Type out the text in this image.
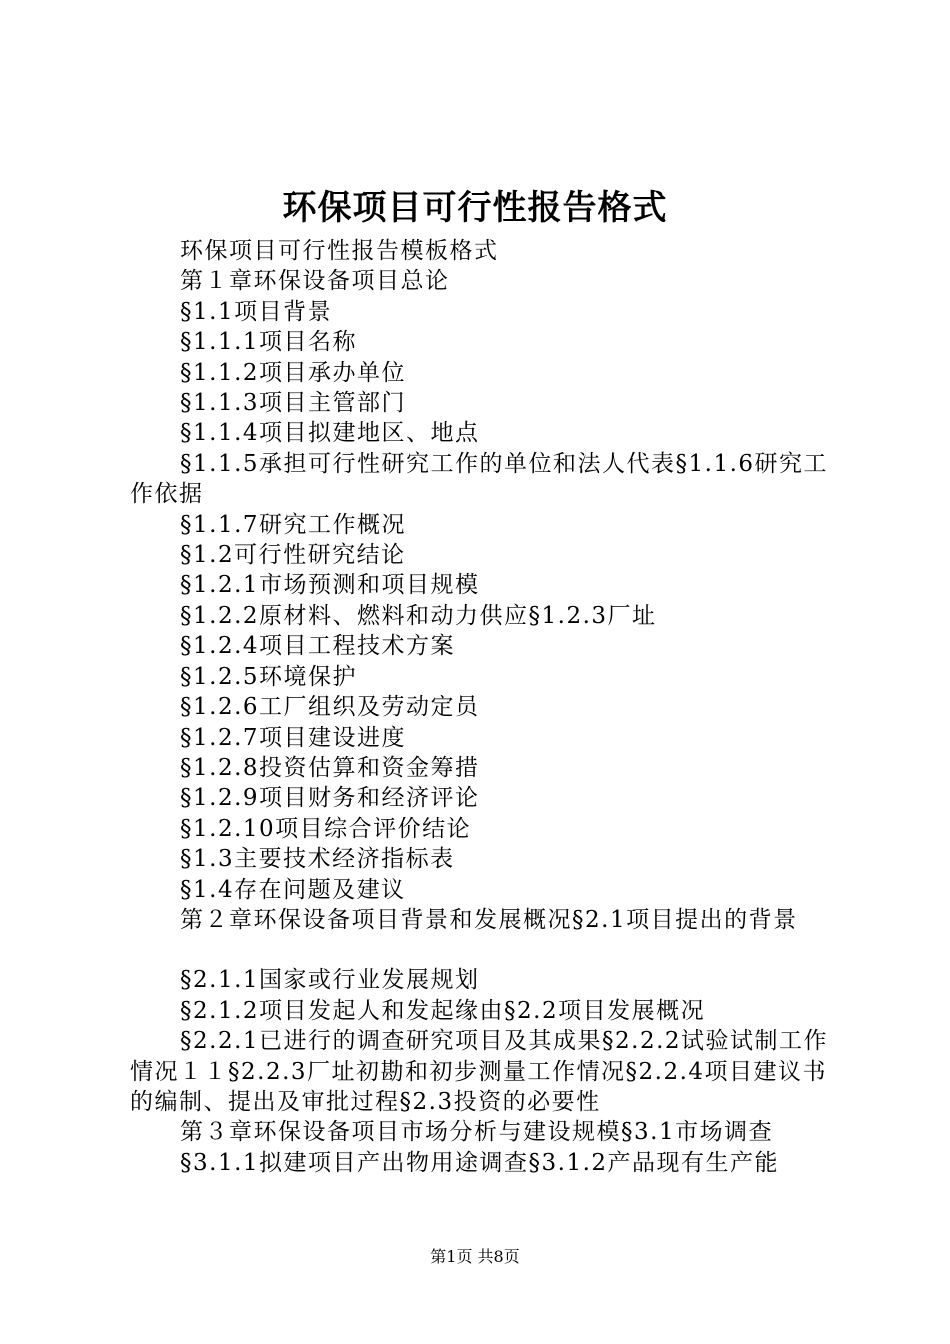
环保项目可行性报告格式

环保项目可行性报告模板格式

第１章环保设备项目总论

§1.1项目背景

§1.1.1项目名称

§1.1.2项目承办单位

§1.1.3项目主管部门

§1.1.4项目拟建地区、地点

§1.1.5承担可行性研究工作的单位和法人代表§1.1.6研究工作依据

§1.1.7研究工作概况

§1.2可行性研究结论

§1.2.1市场预测和项目规模

§1.2.2原材料、燃料和动力供应§1.2.3厂址

§1.2.4项目工程技术方案

§1.2.5环境保护

§1.2.6工厂组织及劳动定员

§1.2.7项目建设进度

§1.2.8投资估算和资金筹措

§1.2.9项目财务和经济评论

§1.2.10项目综合评价结论

§1.3主要技术经济指标表

§1.4存在问题及建议

第２章环保设备项目背景和发展概况§2.1项目提出的背景

§2.1.1国家或行业发展规划

§2.1.2项目发起人和发起缘由§2.2项目发展概况

§2.2.1已进行的调查研究项目及其成果§2.2.2试验试制工作情况１１§2.2.3厂址初勘和初步测量工作情况§2.2.4项目建议书的编制、提出及审批过程§2.3投资的必要性

第３章环保设备项目市场分析与建设规模§3.1市场调查

§3.1.1拟建项目产出物用途调查§3.1.2产品现有生产能

第1页 共8页
